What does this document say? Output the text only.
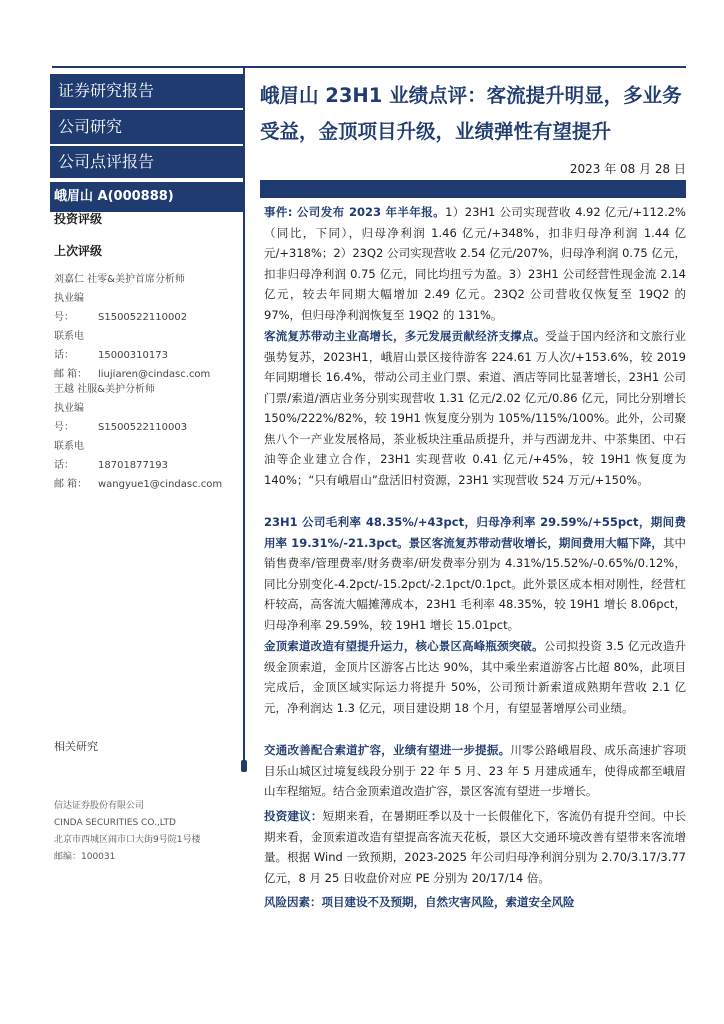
证券研究报告
公司研究
公司点评报告
峨眉山 A(000888)
投资评级
上次评级
刘嘉仁 社零&美护首席分析师
执业编号： S1500522110002
联系电话： 15000310173
邮 箱： liujiaren@cindasc.com
王越 社服&美护分析师
执业编号： S1500522110003
联系电话： 18701877193
邮 箱： wangyue1@cindasc.com
相关研究
信达证券股份有限公司
CINDA SECURITIES CO.,LTD
北京市西城区闹市口大街9号院1号楼
邮编：100031
峨眉山 23H1 业绩点评：客流提升明显，多业务受益，金顶项目升级，业绩弹性有望提升
2023 年 08 月 28 日

事件: 公司发布 2023 年半年报。1）23H1 公司实现营收 4.92 亿元/+112.2%（同比，下同），归母净利润 1.46 亿元/+348%，扣非归母净利润 1.44 亿元/+318%；2）23Q2 公司实现营收 2.54 亿元/207%，归母净利润 0.75 亿元，扣非归母净利润 0.75 亿元，同比均扭亏为盈。3）23H1 公司经营性现金流 2.14 亿元，较去年同期大幅增加 2.49 亿元。23Q2 公司营收仅恢复至 19Q2 的 97%，但归母净利润恢复至 19Q2 的 131%。

客流复苏带动主业高增长，多元发展贡献经济支撑点。受益于国内经济和文旅行业强势复苏，2023H1，峨眉山景区接待游客 224.61 万人次/+153.6%，较 2019 年同期增长 16.4%，带动公司主业门票、索道、酒店等同比显著增长，23H1 公司门票/索道/酒店业务分别实现营收 1.31 亿元/2.02 亿元/0.86 亿元，同比分别增长 150%/222%/82%，较 19H1 恢复度分别为 105%/115%/100%。此外，公司聚焦八个一产业发展格局，茶业板块注重品质提升，并与西湖龙井、中茶集团、中石油等企业建立合作，23H1 实现营收 0.41 亿元/+45%，较 19H1 恢复度为 140%；“只有峨眉山”盘活旧村资源，23H1 实现营收 524 万元/+150%。

23H1 公司毛利率 48.35%/+43pct，归母净利率 29.59%/+55pct，期间费用率 19.31%/-21.3pct。景区客流复苏带动营收增长，期间费用大幅下降，其中销售费率/管理费率/财务费率/研发费率分别为 4.31%/15.52%/-0.65%/0.12%，同比分别变化-4.2pct/-15.2pct/-2.1pct/0.1pct。此外景区成本相对刚性，经营杠杆较高，高客流大幅摊薄成本，23H1 毛利率 48.35%，较 19H1 增长 8.06pct，归母净利率 29.59%，较 19H1 增长 15.01pct。

金顶索道改造有望提升运力，核心景区高峰瓶颈突破。公司拟投资 3.5 亿元改造升级金顶索道，金顶片区游客占比达 90%，其中乘坐索道游客占比超 80%，此项目完成后，金顶区域实际运力将提升 50%，公司预计新索道成熟期年营收 2.1 亿元，净利润达 1.3 亿元，项目建设期 18 个月，有望显著增厚公司业绩。

交通改善配合索道扩容，业绩有望进一步提振。川零公路峨眉段、成乐高速扩容项目乐山城区过境复线段分别于 22 年 5 月、23 年 5 月建成通车，使得成都至峨眉山车程缩短。结合金顶索道改造扩容，景区客流有望进一步增长。

投资建议：短期来看，在暑期旺季以及十一长假催化下，客流仍有提升空间。中长期来看，金顶索道改造有望提高客流天花板，景区大交通环境改善有望带来客流增量。根据 Wind 一致预期，2023-2025 年公司归母净利润分别为 2.70/3.17/3.77 亿元，8 月 25 日收盘价对应 PE 分别为 20/17/14 倍。

风险因素：项目建设不及预期，自然灾害风险，索道安全风险
